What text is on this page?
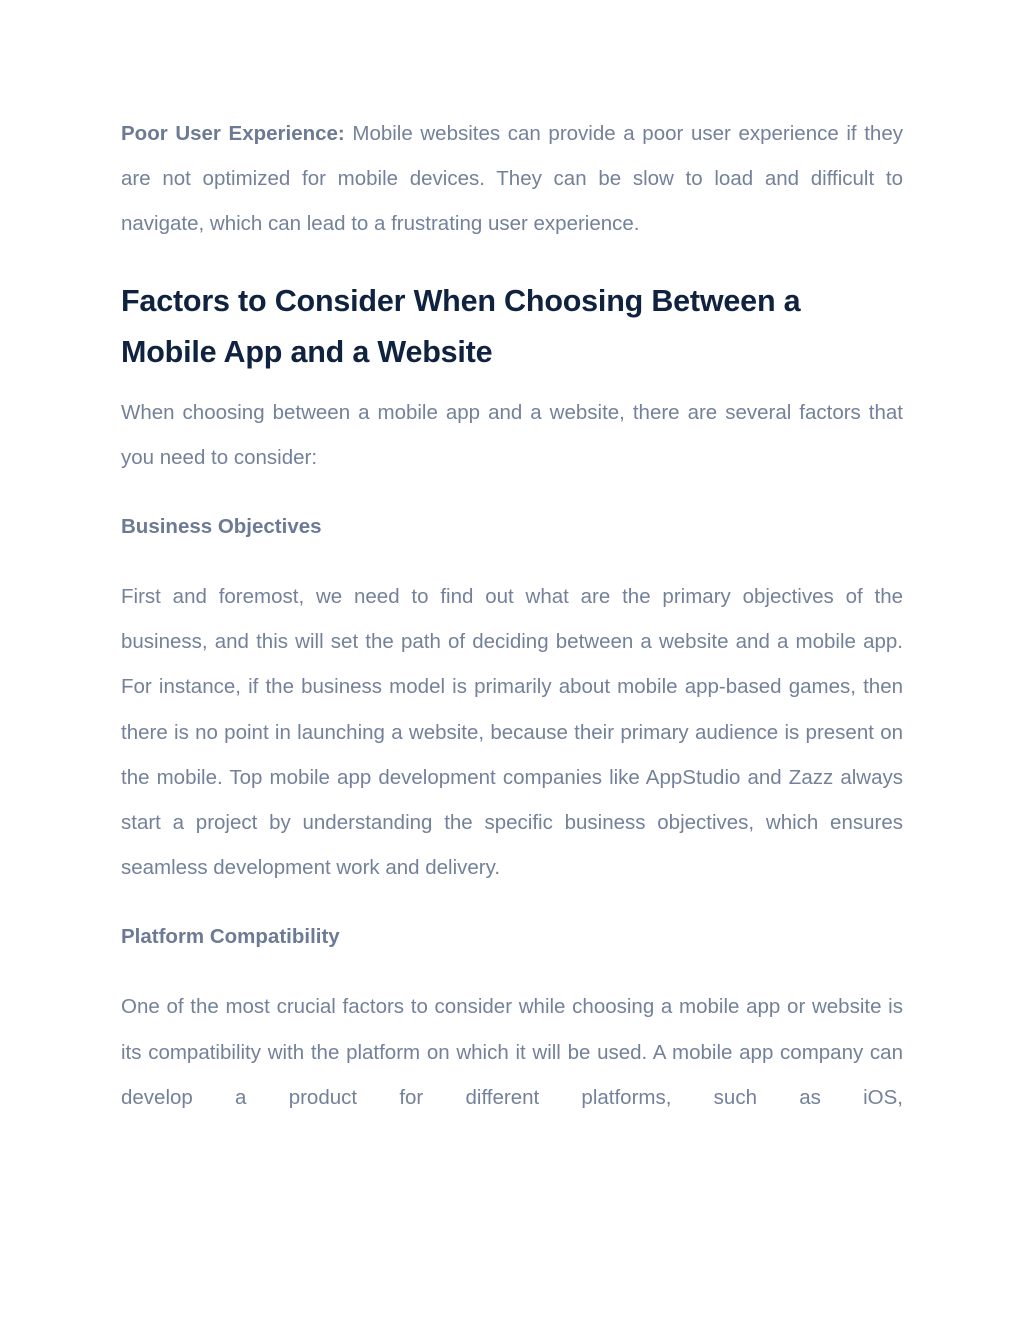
Poor User Experience: Mobile websites can provide a poor user experience if they are not optimized for mobile devices. They can be slow to load and difficult to navigate, which can lead to a frustrating user experience.

Factors to Consider When Choosing Between a Mobile App and a Website

When choosing between a mobile app and a website, there are several factors that you need to consider:

Business Objectives

First and foremost, we need to find out what are the primary objectives of the business, and this will set the path of deciding between a website and a mobile app. For instance, if the business model is primarily about mobile app-based games, then there is no point in launching a website, because their primary audience is present on the mobile. Top mobile app development companies like AppStudio and Zazz always start a project by understanding the specific business objectives, which ensures seamless development work and delivery.

Platform Compatibility

One of the most crucial factors to consider while choosing a mobile app or website is its compatibility with the platform on which it will be used. A mobile app company can develop a product for different platforms, such as iOS,
